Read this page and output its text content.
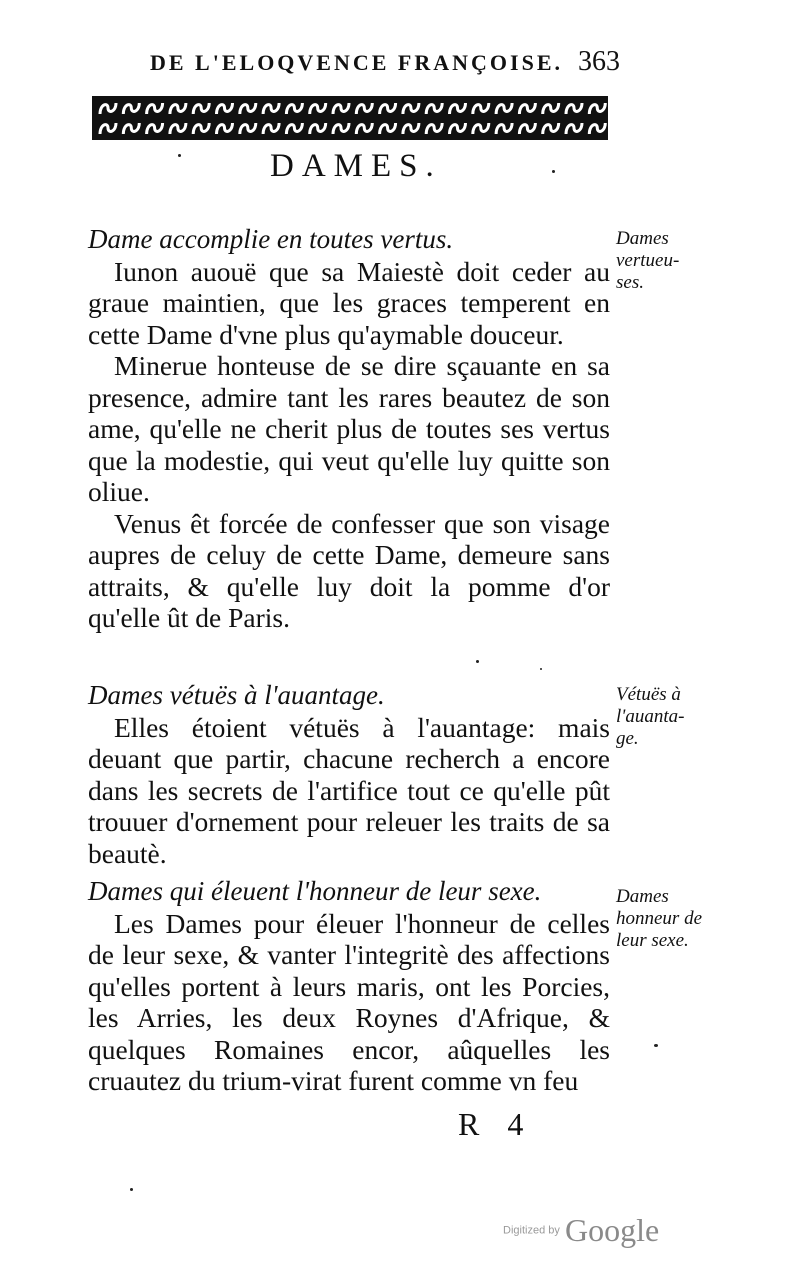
DE L'ELOQVENCE FRANÇOISE. 363
DAMES.

Dame accomplie en toutes vertus.

Iunon auouë que sa Maiestè doit ceder au graue maintien, que les graces temperent en cette Dame d'vne plus qu'aymable douceur.

Minerue honteuse de se dire sçauante en sa presence, admire tant les rares beautez de son ame, qu'elle ne cherit plus de toutes ses vertus que la modestie, qui veut qu'elle luy quitte son oliue.

Venus êt forcée de confesser que son visage aupres de celuy de cette Dame, demeure sans attraits, & qu'elle luy doit la pomme d'or qu'elle ût de Paris.

Dames
vertueu-
ses.

Dames vétuës à l'auantage.

Elles étoient vétuës à l'auantage: mais deuant que partir, chacune recherch a encore dans les secrets de l'artifice tout ce qu'elle pût trouuer d'ornement pour releuer les traits de sa beautè.

Vétuës à
l'auanta-
ge.

Dames qui éleuent l'honneur de leur sexe.

Les Dames pour éleuer l'honneur de celles de leur sexe, & vanter l'integritè des affections qu'elles portent à leurs maris, ont les Porcies, les Arries, les deux Roynes d'Afrique, & quelques Romaines encor, aûquelles les cruautez du trium-virat furent comme vn feu

Dames
honneur de
leur sexe.
R 4
Digitized by Google
